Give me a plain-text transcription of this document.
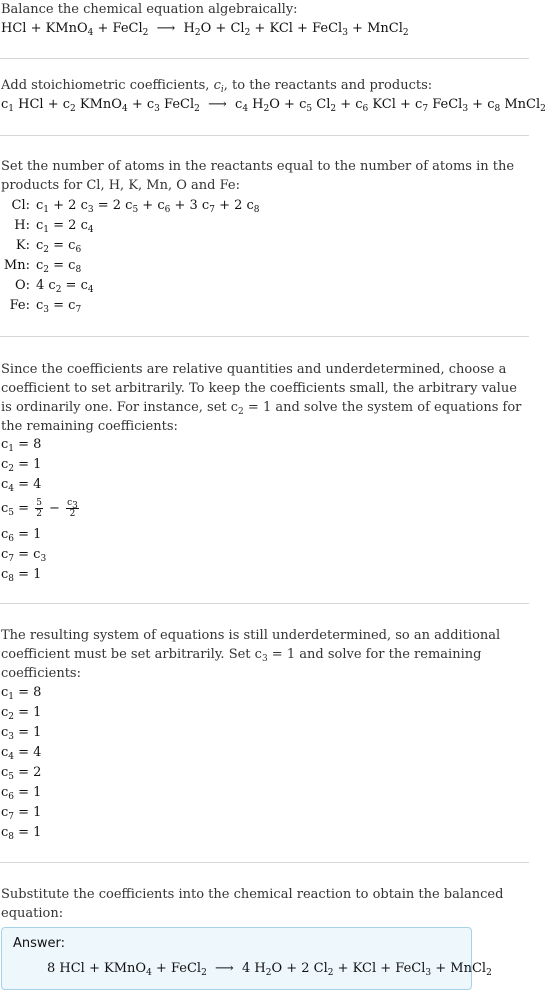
Balance the chemical equation algebraically:
HCl + KMnO$_4$ + FeCl$_2$  ⟶  $H_2O + Cl_2$ + KCl + FeCl$_3$ + MnCl$_2$
Add stoichiometric coefficients, $c_i$, to the reactants and products:
$c_1$ HCl + $c_2$ KMnO$_4$ + $c_3$ FeCl$_2$  ⟶  $c_4$ $H_2O + c_5$ $Cl_2 + c_6$ KCl + $c_7$ FeCl$_3$ + $c_8$ MnCl$_2$
Set the number of atoms in the reactants equal to the number of atoms in the products for Cl, H, K, Mn, O and Fe:
Cl: $c_1 + 2$ $c_3 = 2$ $c_5 + c_6 + 3$ $c_7 + 2$ $c_8$
H: $c_1 = 2$ $c_4$
K: $c_2 = c_6$
Mn: $c_2 = c_8$
O: 4 $c_2 = c_4$
Fe: $c_3 = c_7$
Since the coefficients are relative quantities and underdetermined, choose a coefficient to set arbitrarily. To keep the coefficients small, the arbitrary value is ordinarily one. For instance, set $c_2 = 1$ and solve the system of equations for the remaining coefficients:
$c_1 = 8$
$c_2 = 1$
$c_4 = 4$
$c_5 = \frac{5}{2} - \frac{c_3}{2}$
$c_6 = 1$
$c_7 = c_3$
$c_8 = 1$
The resulting system of equations is still underdetermined, so an additional coefficient must be set arbitrarily. Set $c_3 = 1$ and solve for the remaining coefficients:
$c_1 = 8$
$c_2 = 1$
$c_3 = 1$
$c_4 = 4$
$c_5 = 2$
$c_6 = 1$
$c_7 = 1$
$c_8 = 1$
Substitute the coefficients into the chemical reaction to obtain the balanced equation:
Answer:
8 HCl + KMnO$_4$ + FeCl$_2$  ⟶  4 $H_2O + 2$ $Cl_2$ + KCl + FeCl$_3$ + MnCl$_2$
